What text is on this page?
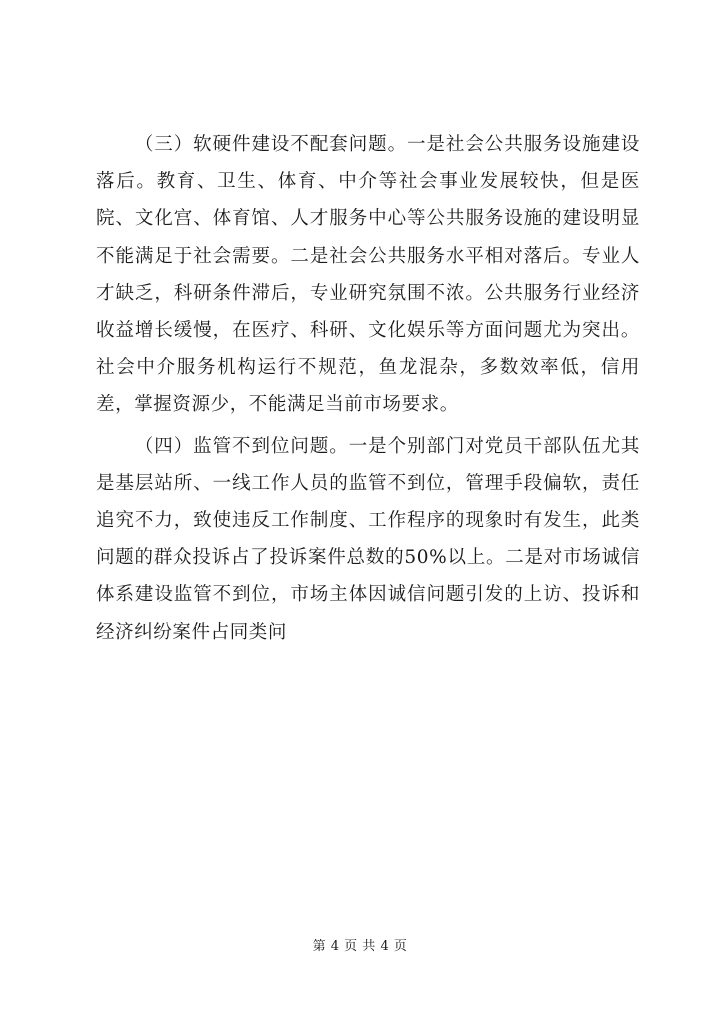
（三）软硬件建设不配套问题。一是社会公共服务设施建设落后。教育、卫生、体育、中介等社会事业发展较快，但是医院、文化宫、体育馆、人才服务中心等公共服务设施的建设明显不能满足于社会需要。二是社会公共服务水平相对落后。专业人才缺乏，科研条件滞后，专业研究氛围不浓。公共服务行业经济收益增长缓慢，在医疗、科研、文化娱乐等方面问题尤为突出。社会中介服务机构运行不规范，鱼龙混杂，多数效率低，信用差，掌握资源少，不能满足当前市场要求。

（四）监管不到位问题。一是个别部门对党员干部队伍尤其是基层站所、一线工作人员的监管不到位，管理手段偏软，责任追究不力，致使违反工作制度、工作程序的现象时有发生，此类问题的群众投诉占了投诉案件总数的50%以上。二是对市场诚信体系建设监管不到位，市场主体因诚信问题引发的上访、投诉和经济纠纷案件占同类问

第 4 页 共 4 页
